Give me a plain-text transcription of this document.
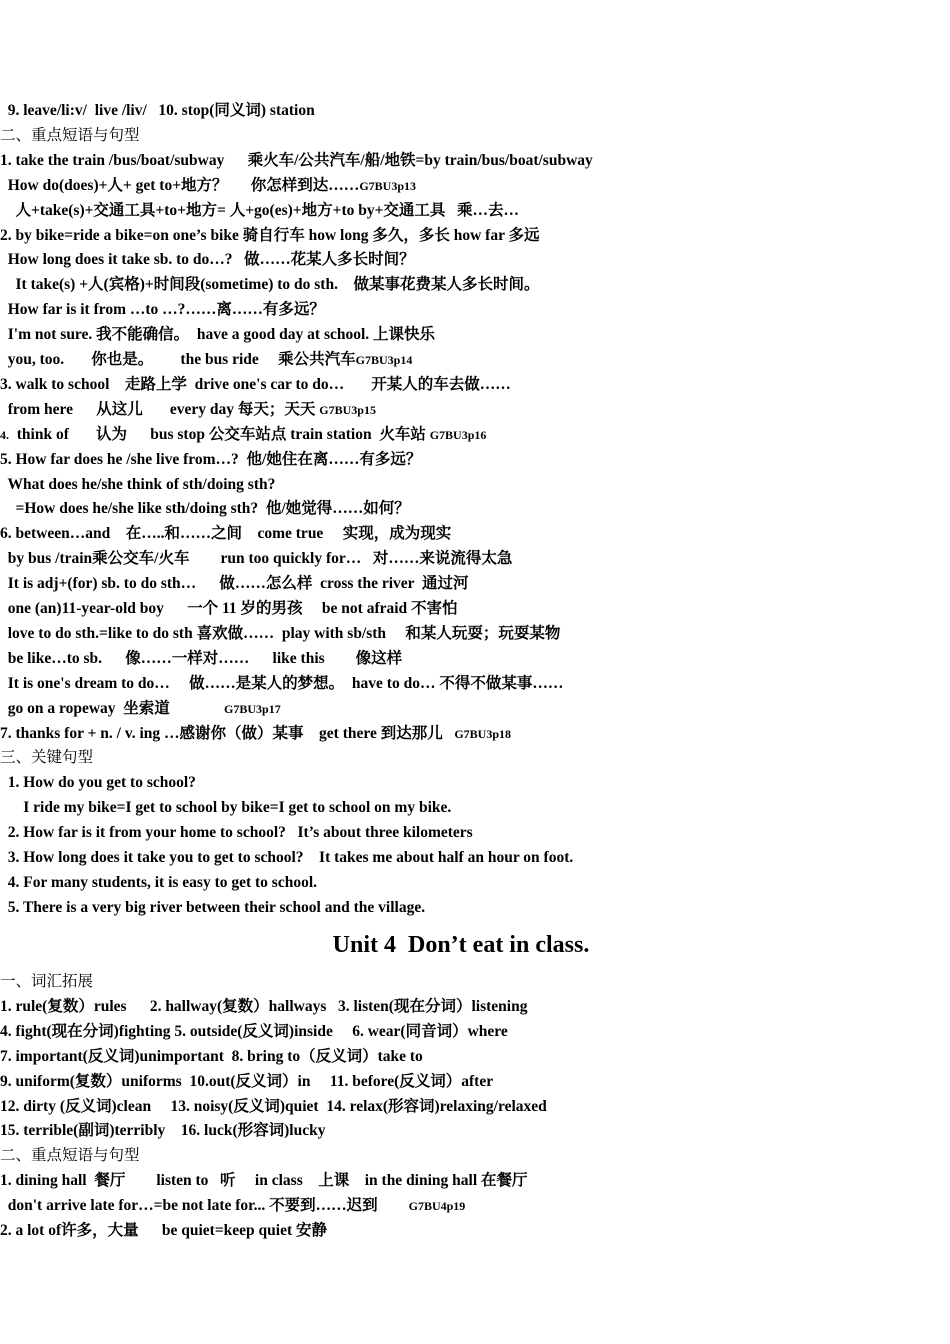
9. leave/li:v/  live /liv/   10. stop(同义词) station
二、重点短语与句型
1. take the train /bus/boat/subway      乘火车/公共汽车/船/地铁=by train/bus/boat/subway
How do(does)+人+ get to+地方？      你怎样到达……G7BU3p13
人+take(s)+交通工具+to+地方= 人+go(es)+地方+to by+交通工具   乘…去…
2. by bike=ride a bike=on one’s bike 骑自行车 how long 多久，多长 how far 多远
How long does it take sb. to do…?   做……花某人多长时间？
It take(s) +人(宾格)+时间段(sometime) to do sth.    做某事花费某人多长时间。
How far is it from …to …?……离……有多远？
I'm not sure. 我不能确信。  have a good day at school. 上课快乐
you, too.       你也是。       the bus ride     乘公共汽车G7BU3p14
3. walk to school    走路上学  drive one's car to do…       开某人的车去做……
from here      从这儿       every day 每天；天天 G7BU3p15
4.  think of       认为      bus stop 公交车站点 train station  火车站 G7BU3p16
5. How far does he /she live from…?  他/她住在离……有多远？
What does he/she think of sth/doing sth?
=How does he/she like sth/doing sth?  他/她觉得……如何？
6. between…and    在…..和……之间    come true     实现，成为现实
by bus /train乘公交车/火车        run too quickly for…   对……来说流得太急
It is adj+(for) sb. to do sth…      做……怎么样  cross the river  通过河
one (an)11-year-old boy      一个 11 岁的男孩     be not afraid 不害怕
love to do sth.=like to do sth 喜欢做……  play with sb/sth     和某人玩耍；玩耍某物
be like…to sb.      像……一样对……      like this        像这样
It is one's dream to do…     做……是某人的梦想。  have to do… 不得不做某事……
go on a ropeway  坐索道              G7BU3p17
7. thanks for + n. / v. ing …感谢你（做）某事    get there 到达那儿   G7BU3p18
三、关键句型
1. How do you get to school?
I ride my bike=I get to school by bike=I get to school on my bike.
2. How far is it from your home to school?   It’s about three kilometers
3. How long does it take you to get to school?    It takes me about half an hour on foot.
4. For many students, it is easy to get to school.
5. There is a very big river between their school and the village.
Unit 4  Don’t eat in class.
一、词汇拓展
1. rule(复数）rules      2. hallway(复数）hallways   3. listen(现在分词）listening
4. fight(现在分词)fighting 5. outside(反义词)inside     6. wear(同音词）where
7. important(反义词)unimportant  8. bring to（反义词）take to
9. uniform(复数）uniforms  10.out(反义词）in     11. before(反义词）after
12. dirty (反义词)clean     13. noisy(反义词)quiet  14. relax(形容词)relaxing/relaxed
15. terrible(副词)terribly    16. luck(形容词)lucky
二、重点短语与句型
1. dining hall  餐厅        listen to   听     in class    上课    in the dining hall 在餐厅
don't arrive late for…=be not late for... 不要到……迟到        G7BU4p19
2. a lot of许多，大量      be quiet=keep quiet 安静
